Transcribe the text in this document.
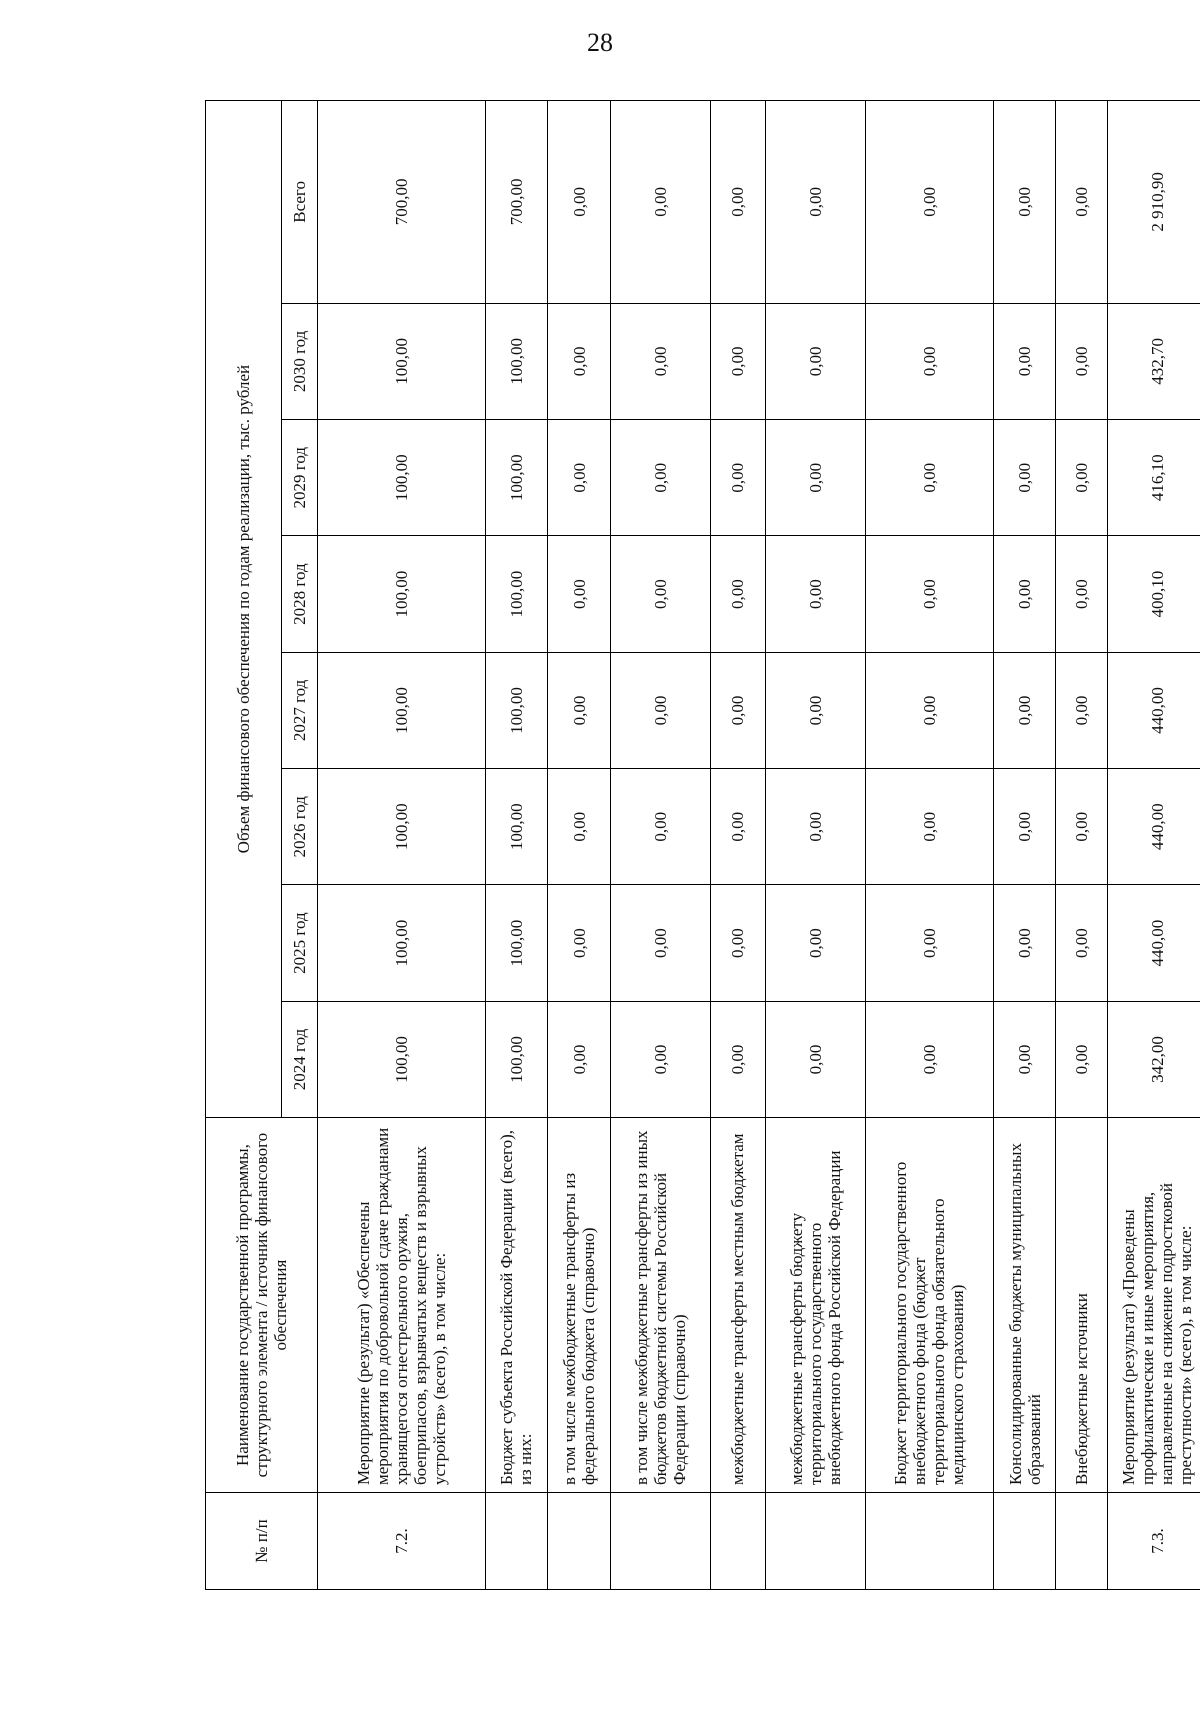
28
№ п/п	Наименование государственной программы, структурного элемента / источник финансового обеспечения	Объем финансового обеспечения по годам реализации, тыс. рублей							
		2024 год	2025 год	2026 год	2027 год	2028 год	2029 год	2030 год	Всего
7.2.	Мероприятие (результат) «Обеспечены мероприятия по добровольной сдаче гражданами хранящегося огнестрельного оружия, боеприпасов, взрывчатых веществ и взрывных устройств» (всего), в том числе:	100,00	100,00	100,00	100,00	100,00	100,00	100,00	700,00
	Бюджет субъекта Российской Федерации (всего), из них:	100,00	100,00	100,00	100,00	100,00	100,00	100,00	700,00
	в том числе межбюджетные трансферты из федерального бюджета (справочно)	0,00	0,00	0,00	0,00	0,00	0,00	0,00	0,00
	в том числе межбюджетные трансферты из иных бюджетов бюджетной системы Российской Федерации (справочно)	0,00	0,00	0,00	0,00	0,00	0,00	0,00	0,00
	межбюджетные трансферты местным бюджетам	0,00	0,00	0,00	0,00	0,00	0,00	0,00	0,00
	межбюджетные трансферты бюджету территориального государственного внебюджетного фонда Российской Федерации	0,00	0,00	0,00	0,00	0,00	0,00	0,00	0,00
	Бюджет территориального государственного внебюджетного фонда (бюджет территориального фонда обязательного медицинского страхования)	0,00	0,00	0,00	0,00	0,00	0,00	0,00	0,00
	Консолидированные бюджеты муниципальных образований	0,00	0,00	0,00	0,00	0,00	0,00	0,00	0,00
	Внебюджетные источники	0,00	0,00	0,00	0,00	0,00	0,00	0,00	0,00
7.3.	Мероприятие (результат) «Проведены профилактические и иные мероприятия, направленные на снижение подростковой преступности» (всего), в том числе:	342,00	440,00	440,00	440,00	400,10	416,10	432,70	2 910,90
